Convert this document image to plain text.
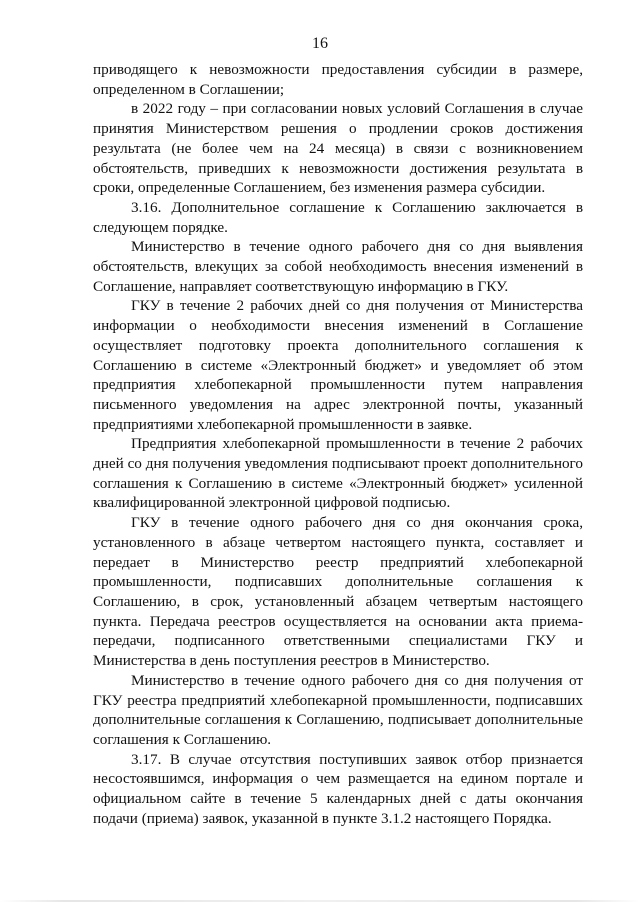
16

приводящего к невозможности предоставления субсидии в размере, определенном в Соглашении;

в 2022 году – при согласовании новых условий Соглашения в случае принятия Министерством решения о продлении сроков достижения результата (не более чем на 24 месяца) в связи с возникновением обстоятельств, приведших к невозможности достижения результата в сроки, определенные Соглашением, без изменения размера субсидии.

3.16. Дополнительное соглашение к Соглашению заключается в следующем порядке.

Министерство в течение одного рабочего дня со дня выявления обстоятельств, влекущих за собой необходимость внесения изменений в Соглашение, направляет соответствующую информацию в ГКУ.

ГКУ в течение 2 рабочих дней со дня получения от Министерства информации о необходимости внесения изменений в Соглашение осуществляет подготовку проекта дополнительного соглашения к Соглашению в системе «Электронный бюджет» и уведомляет об этом предприятия хлебопекарной промышленности путем направления письменного уведомления на адрес электронной почты, указанный предприятиями хлебопекарной промышленности в заявке.

Предприятия хлебопекарной промышленности в течение 2 рабочих дней со дня получения уведомления подписывают проект дополнительного соглашения к Соглашению в системе «Электронный бюджет» усиленной квалифицированной электронной цифровой подписью.

ГКУ в течение одного рабочего дня со дня окончания срока, установленного в абзаце четвертом настоящего пункта, составляет и передает в Министерство реестр предприятий хлебопекарной промышленности, подписавших дополнительные соглашения к Соглашению, в срок, установленный абзацем четвертым настоящего пункта. Передача реестров осуществляется на основании акта приема-передачи, подписанного ответственными специалистами ГКУ и Министерства в день поступления реестров в Министерство.

Министерство в течение одного рабочего дня со дня получения от ГКУ реестра предприятий хлебопекарной промышленности, подписавших дополнительные соглашения к Соглашению, подписывает дополнительные соглашения к Соглашению.

3.17. В случае отсутствия поступивших заявок отбор признается несостоявшимся, информация о чем размещается на едином портале и официальном сайте в течение 5 календарных дней с даты окончания подачи (приема) заявок, указанной в пункте 3.1.2 настоящего Порядка.
